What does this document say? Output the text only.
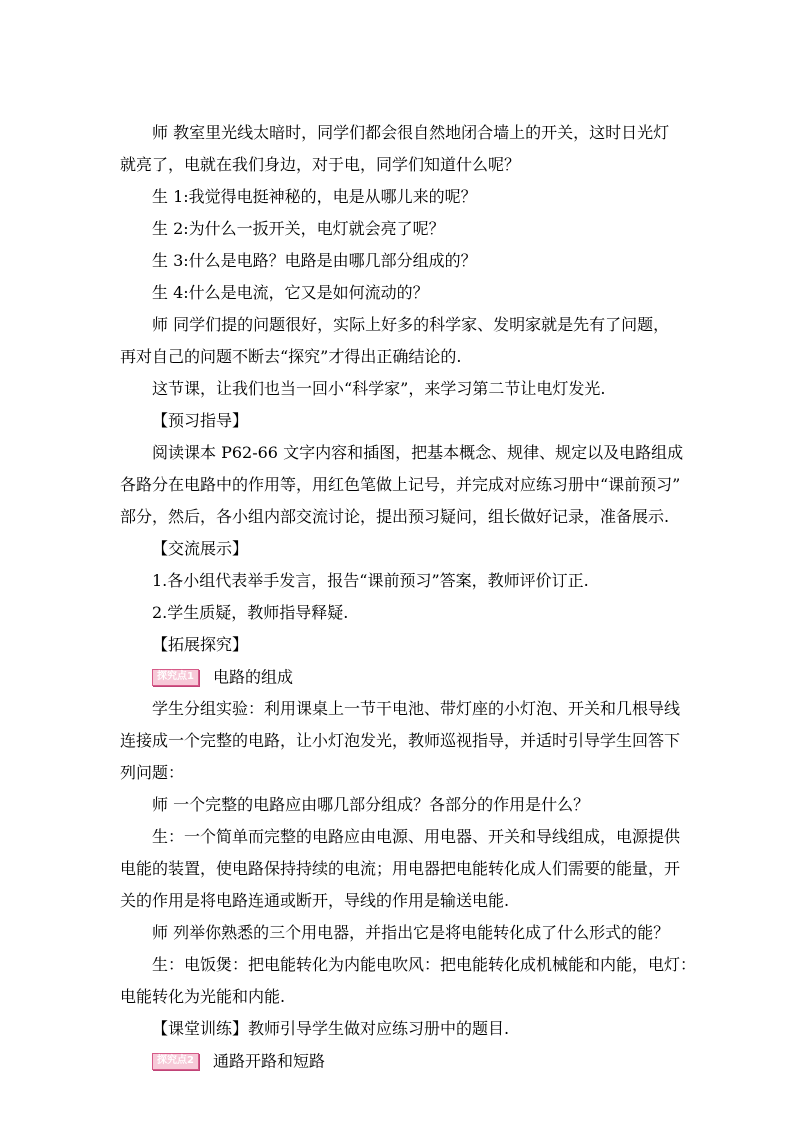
师 教室里光线太暗时，同学们都会很自然地闭合墙上的开关，这时日光灯

就亮了，电就在我们身边，对于电，同学们知道什么呢？

生 1:我觉得电挺神秘的，电是从哪儿来的呢？

生 2:为什么一扳开关，电灯就会亮了呢？

生 3:什么是电路？电路是由哪几部分组成的？

生 4:什么是电流，它又是如何流动的？

师 同学们提的问题很好，实际上好多的科学家、发明家就是先有了问题，

再对自己的问题不断去“探究”才得出正确结论的.

这节课，让我们也当一回小“科学家”，来学习第二节让电灯发光.

【预习指导】

阅读课本 P62-66 文字内容和插图，把基本概念、规律、规定以及电路组成

各路分在电路中的作用等，用红色笔做上记号，并完成对应练习册中“课前预习”

部分，然后，各小组内部交流讨论，提出预习疑问，组长做好记录，准备展示.

【交流展示】

1.各小组代表举手发言，报告“课前预习”答案，教师评价订正.

2.学生质疑，教师指导释疑.

【拓展探究】

探究点1 电路的组成

学生分组实验：利用课桌上一节干电池、带灯座的小灯泡、开关和几根导线

连接成一个完整的电路，让小灯泡发光，教师巡视指导，并适时引导学生回答下

列问题：

师 一个完整的电路应由哪几部分组成？各部分的作用是什么？

生：一个简单而完整的电路应由电源、用电器、开关和导线组成，电源提供

电能的装置，使电路保持持续的电流；用电器把电能转化成人们需要的能量，开

关的作用是将电路连通或断开，导线的作用是输送电能.

师 列举你熟悉的三个用电器，并指出它是将电能转化成了什么形式的能？

生：电饭煲：把电能转化为内能电吹风：把电能转化成机械能和内能，电灯：

电能转化为光能和内能.

【课堂训练】教师引导学生做对应练习册中的题目.

探究点2 通路开路和短路
